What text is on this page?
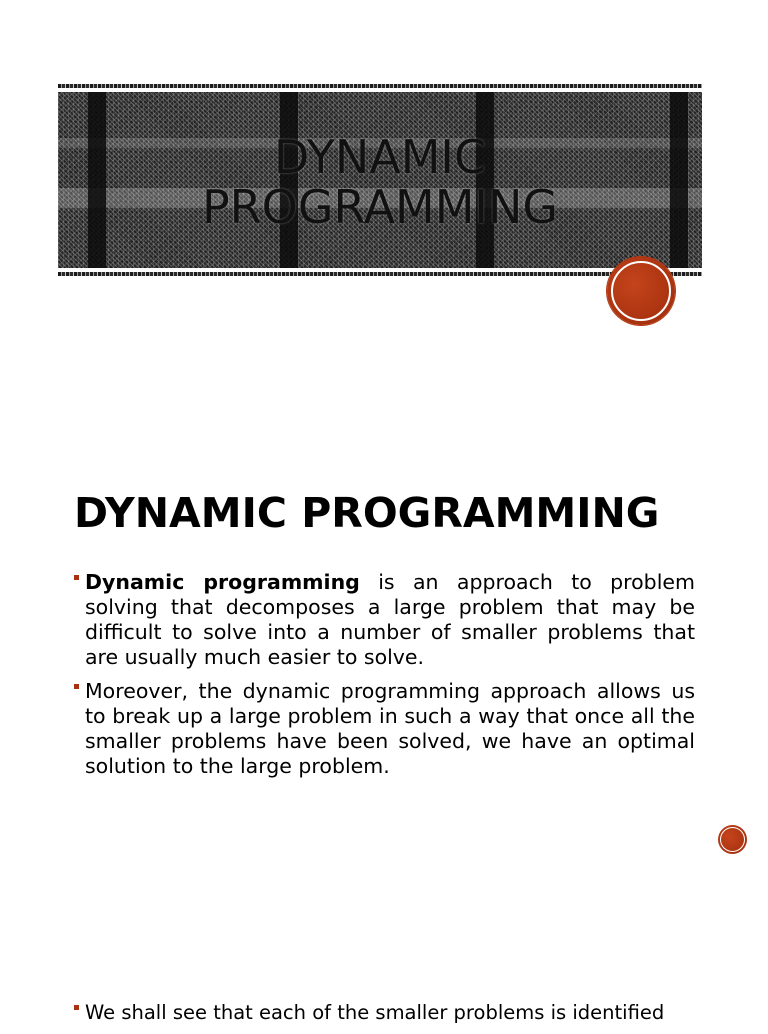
DYNAMIC
PROGRAMMING
DYNAMIC PROGRAMMING
Dynamic programming is an approach to problem solving that decomposes a large problem that may be difficult to solve into a number of smaller problems that are usually much easier to solve.
Moreover, the dynamic programming approach allows us to break up a large problem in such a way that once all the smaller problems have been solved, we have an optimal solution to the large problem.
We shall see that each of the smaller problems is identified
